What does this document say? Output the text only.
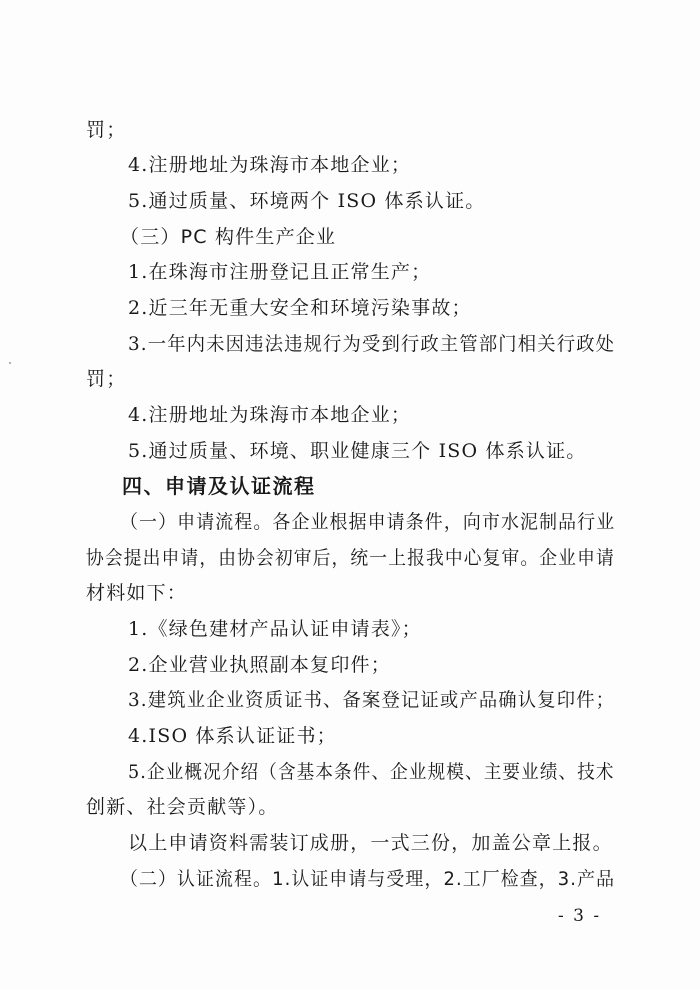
罚；
4.注册地址为珠海市本地企业；
5.通过质量、环境两个 ISO 体系认证。
（三）PC 构件生产企业
1.在珠海市注册登记且正常生产；
2.近三年无重大安全和环境污染事故；
3.一年内未因违法违规行为受到行政主管部门相关行政处
罚；
4.注册地址为珠海市本地企业；
5.通过质量、环境、职业健康三个 ISO 体系认证。
四、申请及认证流程
（一）申请流程。各企业根据申请条件，向市水泥制品行业
协会提出申请，由协会初审后，统一上报我中心复审。企业申请
材料如下：
1.《绿色建材产品认证申请表》；
2.企业营业执照副本复印件；
3.建筑业企业资质证书、备案登记证或产品确认复印件；
4.ISO 体系认证证书；
5.企业概况介绍（含基本条件、企业规模、主要业绩、技术
创新、社会贡献等）。
以上申请资料需装订成册，一式三份，加盖公章上报。
（二）认证流程。1.认证申请与受理，2.工厂检查，3.产品
- 3 -
